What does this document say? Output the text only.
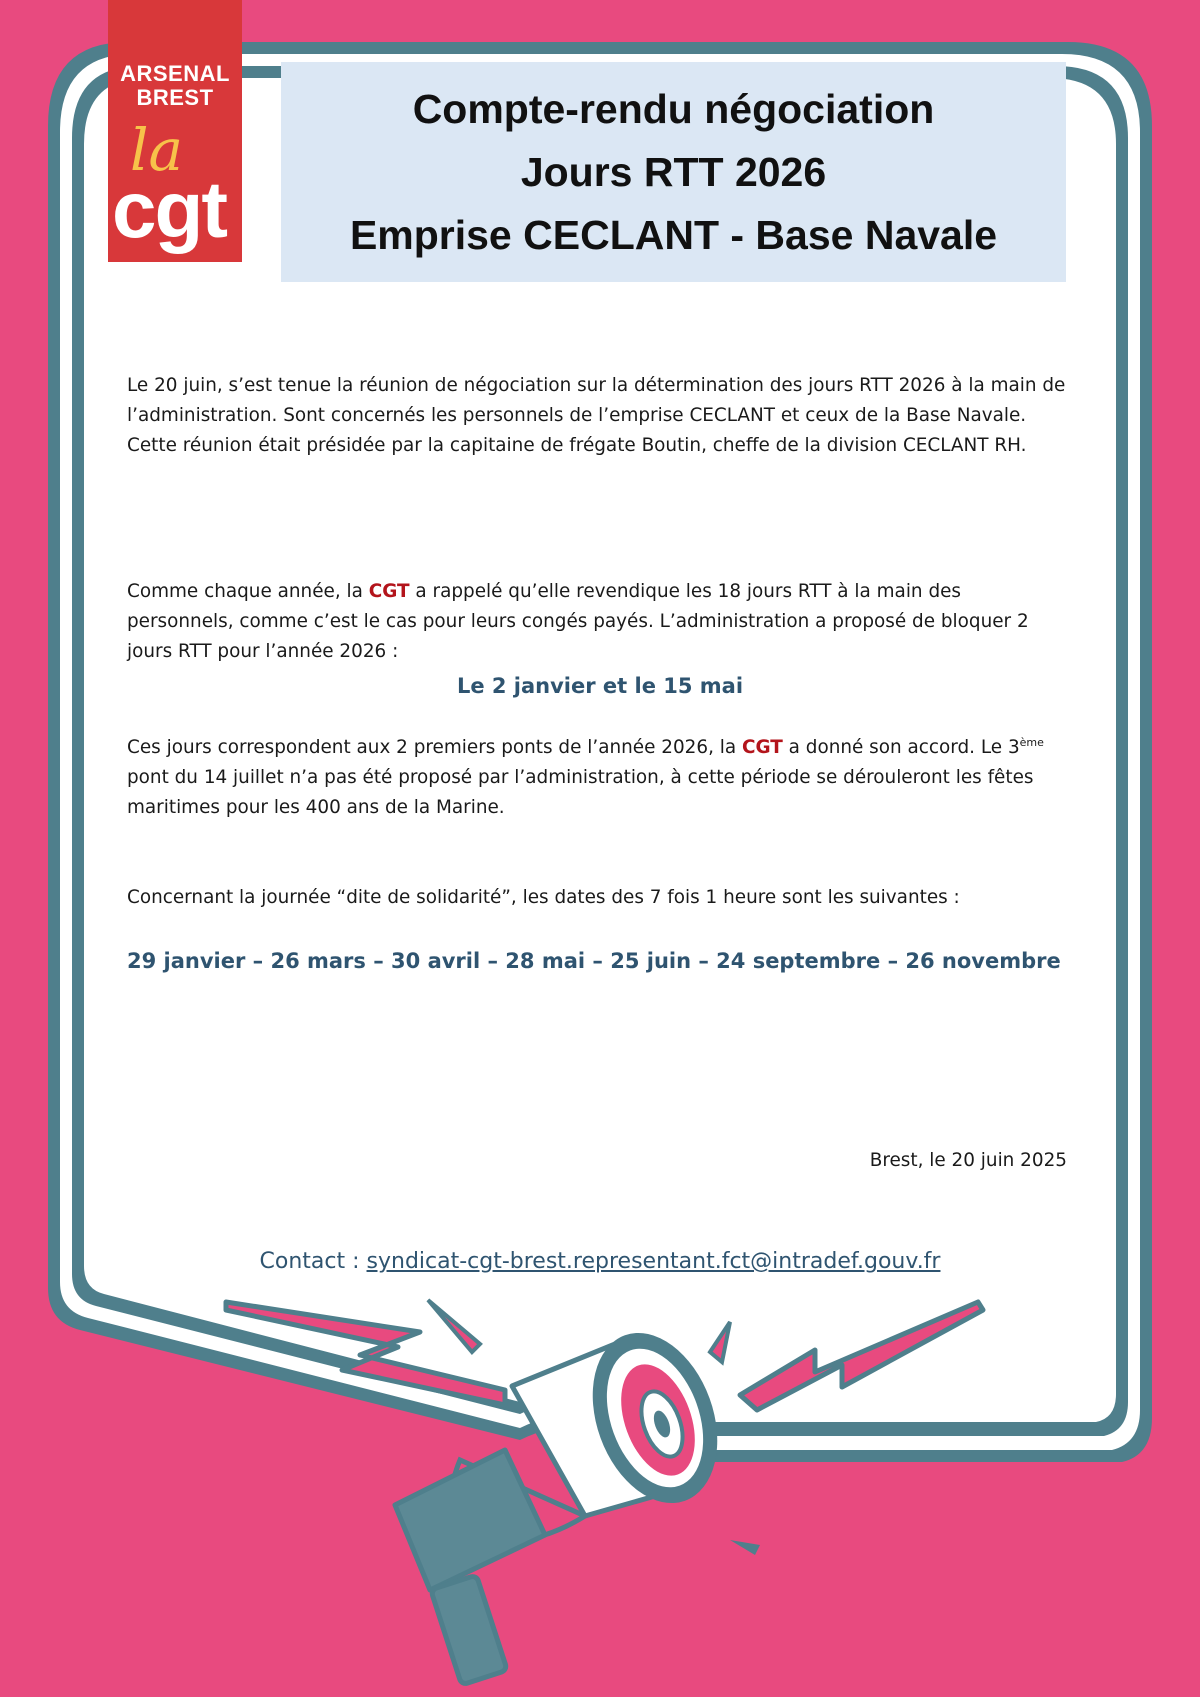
ARSENAL
BREST
la
cgt
Compte-rendu négociation
Jours RTT 2026
Emprise CECLANT - Base Navale

Le 20 juin, s’est tenue la réunion de négociation sur la détermination des jours RTT 2026 à la main de l’administration. Sont concernés les personnels de l’emprise CECLANT et ceux de la Base Navale. Cette réunion était présidée par la capitaine de frégate Boutin, cheffe de la division CECLANT RH.

Comme chaque année, la CGT a rappelé qu’elle revendique les 18 jours RTT à la main des personnels, comme c’est le cas pour leurs congés payés. L’administration a proposé de bloquer 2 jours RTT pour l’année 2026 :

Le 2 janvier et le 15 mai

Ces jours correspondent aux 2 premiers ponts de l’année 2026, la CGT a donné son accord. Le 3ème pont du 14 juillet n’a pas été proposé par l’administration, à cette période se dérouleront les fêtes maritimes pour les 400 ans de la Marine.

Concernant la journée “dite de solidarité”, les dates des 7 fois 1 heure sont les suivantes :

29 janvier – 26 mars – 30 avril – 28 mai – 25 juin – 24 septembre – 26 novembre
Brest, le 20 juin 2025
Contact : syndicat-cgt-brest.representant.fct@intradef.gouv.fr
